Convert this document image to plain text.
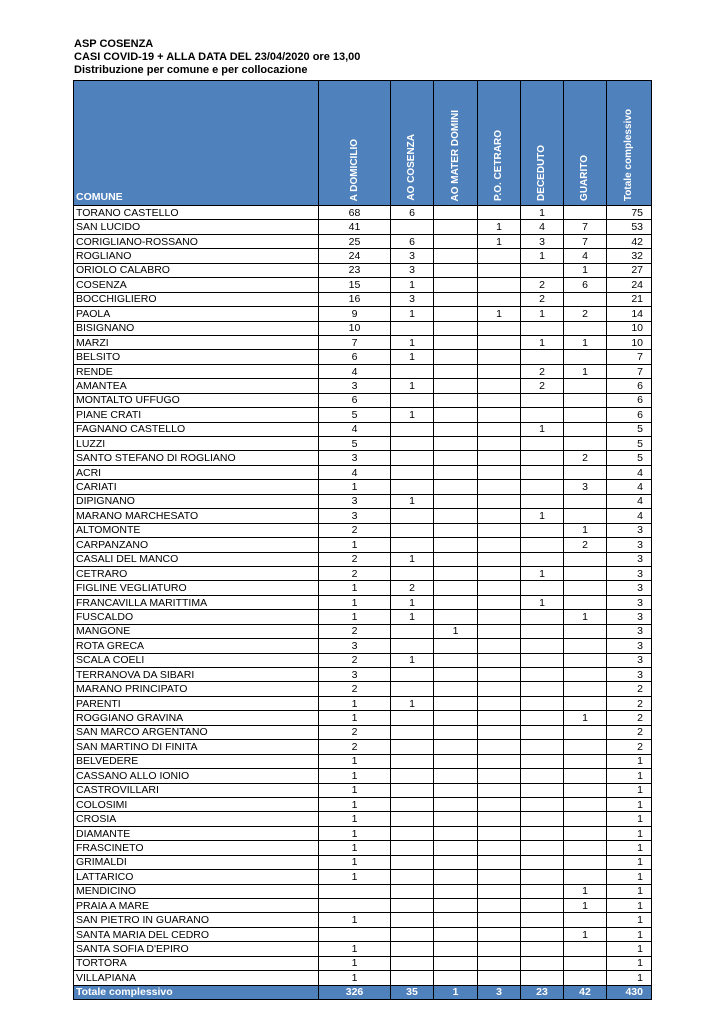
ASP COSENZA
CASI COVID-19 + ALLA DATA DEL 23/04/2020 ore 13,00
Distribuzione per comune e per collocazione
COMUNE	A DOMICILIO	AO COSENZA	AO MATER DOMINI	P.O. CETRARO	DECEDUTO	GUARITO	Totale complessivo

TORANO CASTELLO	68	6			1		75
SAN LUCIDO	41			1	4	7	53
CORIGLIANO-ROSSANO	25	6		1	3	7	42
ROGLIANO	24	3			1	4	32
ORIOLO CALABRO	23	3				1	27
COSENZA	15	1			2	6	24
BOCCHIGLIERO	16	3			2		21
PAOLA	9	1		1	1	2	14
BISIGNANO	10						10
MARZI	7	1			1	1	10
BELSITO	6	1					7
RENDE	4				2	1	7
AMANTEA	3	1			2		6
MONTALTO UFFUGO	6						6
PIANE CRATI	5	1					6
FAGNANO CASTELLO	4				1		5
LUZZI	5						5
SANTO STEFANO DI ROGLIANO	3					2	5
ACRI	4						4
CARIATI	1					3	4
DIPIGNANO	3	1					4
MARANO MARCHESATO	3				1		4
ALTOMONTE	2					1	3
CARPANZANO	1					2	3
CASALI DEL MANCO	2	1					3
CETRARO	2				1		3
FIGLINE VEGLIATURO	1	2					3
FRANCAVILLA MARITTIMA	1	1			1		3
FUSCALDO	1	1				1	3
MANGONE	2		1				3
ROTA GRECA	3						3
SCALA COELI	2	1					3
TERRANOVA DA SIBARI	3						3
MARANO PRINCIPATO	2						2
PARENTI	1	1					2
ROGGIANO GRAVINA	1					1	2
SAN MARCO ARGENTANO	2						2
SAN MARTINO DI FINITA	2						2
BELVEDERE	1						1
CASSANO ALLO IONIO	1						1
CASTROVILLARI	1						1
COLOSIMI	1						1
CROSIA	1						1
DIAMANTE	1						1
FRASCINETO	1						1
GRIMALDI	1						1
LATTARICO	1						1
MENDICINO						1	1
PRAIA A MARE						1	1
SAN PIETRO IN GUARANO	1						1
SANTA MARIA DEL CEDRO						1	1
SANTA SOFIA D'EPIRO	1						1
TORTORA	1						1
VILLAPIANA	1						1
Totale complessivo	326	35	1	3	23	42	430
